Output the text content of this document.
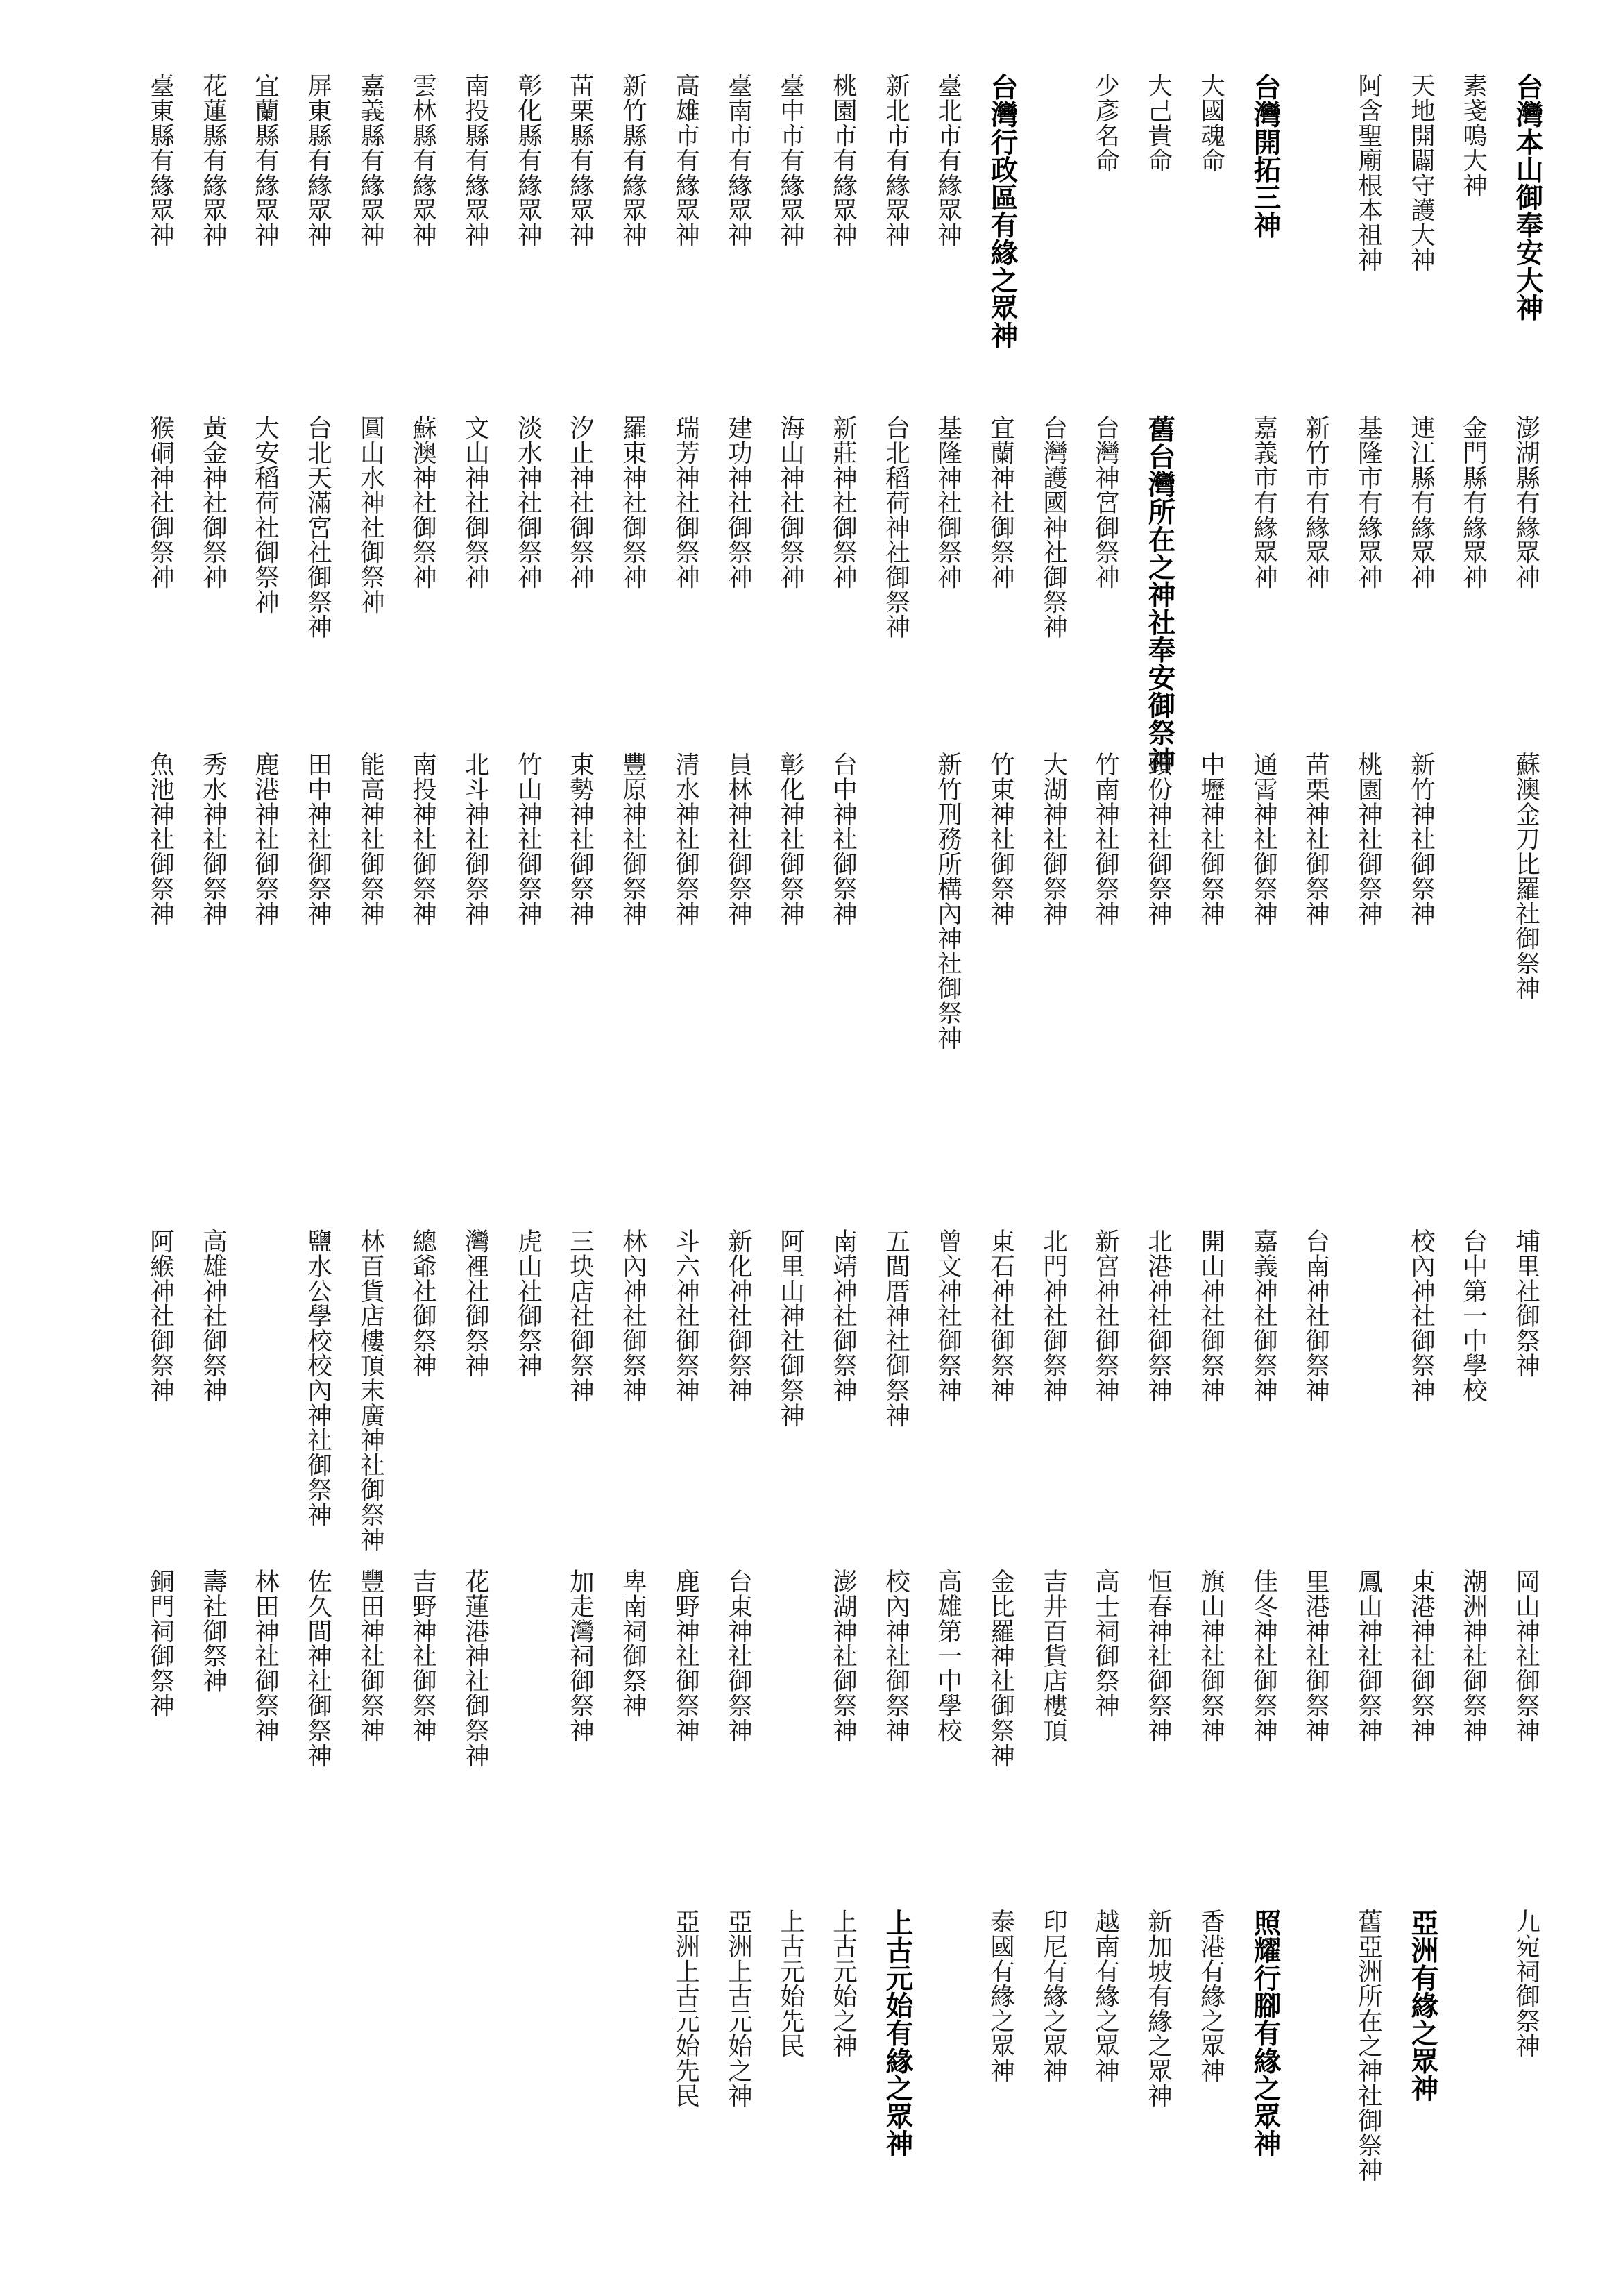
台灣本山御奉安大神
素戔嗚大神
天地開闢守護大神
阿含聖廟根本祖神
台灣開拓三神
大國魂命
大己貴命
少彥名命
台灣行政區有緣之眾神
臺北市有緣眾神
新北市有緣眾神
桃園市有緣眾神
臺中市有緣眾神
臺南市有緣眾神
高雄市有緣眾神
新竹縣有緣眾神
苗栗縣有緣眾神
彰化縣有緣眾神
南投縣有緣眾神
雲林縣有緣眾神
嘉義縣有緣眾神
屏東縣有緣眾神
宜蘭縣有緣眾神
花蓮縣有緣眾神
臺東縣有緣眾神
澎湖縣有緣眾神
金門縣有緣眾神
連江縣有緣眾神
基隆市有緣眾神
新竹市有緣眾神
嘉義市有緣眾神
舊台灣所在之神社奉安御祭神
台灣神宮御祭神
台灣護國神社御祭神
宜蘭神社御祭神
基隆神社御祭神
台北稻荷神社御祭神
新莊神社御祭神
海山神社御祭神
建功神社御祭神
瑞芳神社御祭神
羅東神社御祭神
汐止神社御祭神
淡水神社御祭神
文山神社御祭神
蘇澳神社御祭神
圓山水神社御祭神
台北天滿宮社御祭神
大安稻荷社御祭神
黃金神社御祭神
猴硐神社御祭神
蘇澳金刀比羅社御祭神
新竹神社御祭神
桃園神社御祭神
苗栗神社御祭神
通霄神社御祭神
中壢神社御祭神
頭份神社御祭神
竹南神社御祭神
大湖神社御祭神
竹東神社御祭神
新竹刑務所構內神社御祭神
台中神社御祭神
彰化神社御祭神
員林神社御祭神
清水神社御祭神
豐原神社御祭神
東勢神社御祭神
竹山神社御祭神
北斗神社御祭神
南投神社御祭神
能高神社御祭神
田中神社御祭神
鹿港神社御祭神
秀水神社御祭神
魚池神社御祭神
埔里社御祭神
台中第一中學校
校內神社御祭神
台南神社御祭神
嘉義神社御祭神
開山神社御祭神
北港神社御祭神
新宮神社御祭神
北門神社御祭神
東石神社御祭神
曾文神社御祭神
五間厝神社御祭神
南靖神社御祭神
阿里山神社御祭神
新化神社御祭神
斗六神社御祭神
林內神社御祭神
三块店社御祭神
虎山社御祭神
灣裡社御祭神
總爺社御祭神
林百貨店樓頂末廣神社御祭神
鹽水公學校校內神社御祭神
高雄神社御祭神
阿緱神社御祭神
岡山神社御祭神
潮洲神社御祭神
東港神社御祭神
鳳山神社御祭神
里港神社御祭神
佳冬神社御祭神
旗山神社御祭神
恒春神社御祭神
高士祠御祭神
吉井百貨店樓頂
金比羅神社御祭神
高雄第一中學校
校內神社御祭神
澎湖神社御祭神
台東神社御祭神
鹿野神社御祭神
卑南祠御祭神
加走灣祠御祭神
花蓮港神社御祭神
吉野神社御祭神
豐田神社御祭神
佐久間神社御祭神
林田神社御祭神
壽社御祭神
銅門祠御祭神
九宛祠御祭神
亞洲有緣之眾神
舊亞洲所在之神社御祭神
照耀行腳有緣之眾神
香港有緣之眾神
新加坡有緣之眾神
越南有緣之眾神
印尼有緣之眾神
泰國有緣之眾神
上古元始有緣之眾神
上古元始之神
上古元始先民
亞洲上古元始之神
亞洲上古元始先民
